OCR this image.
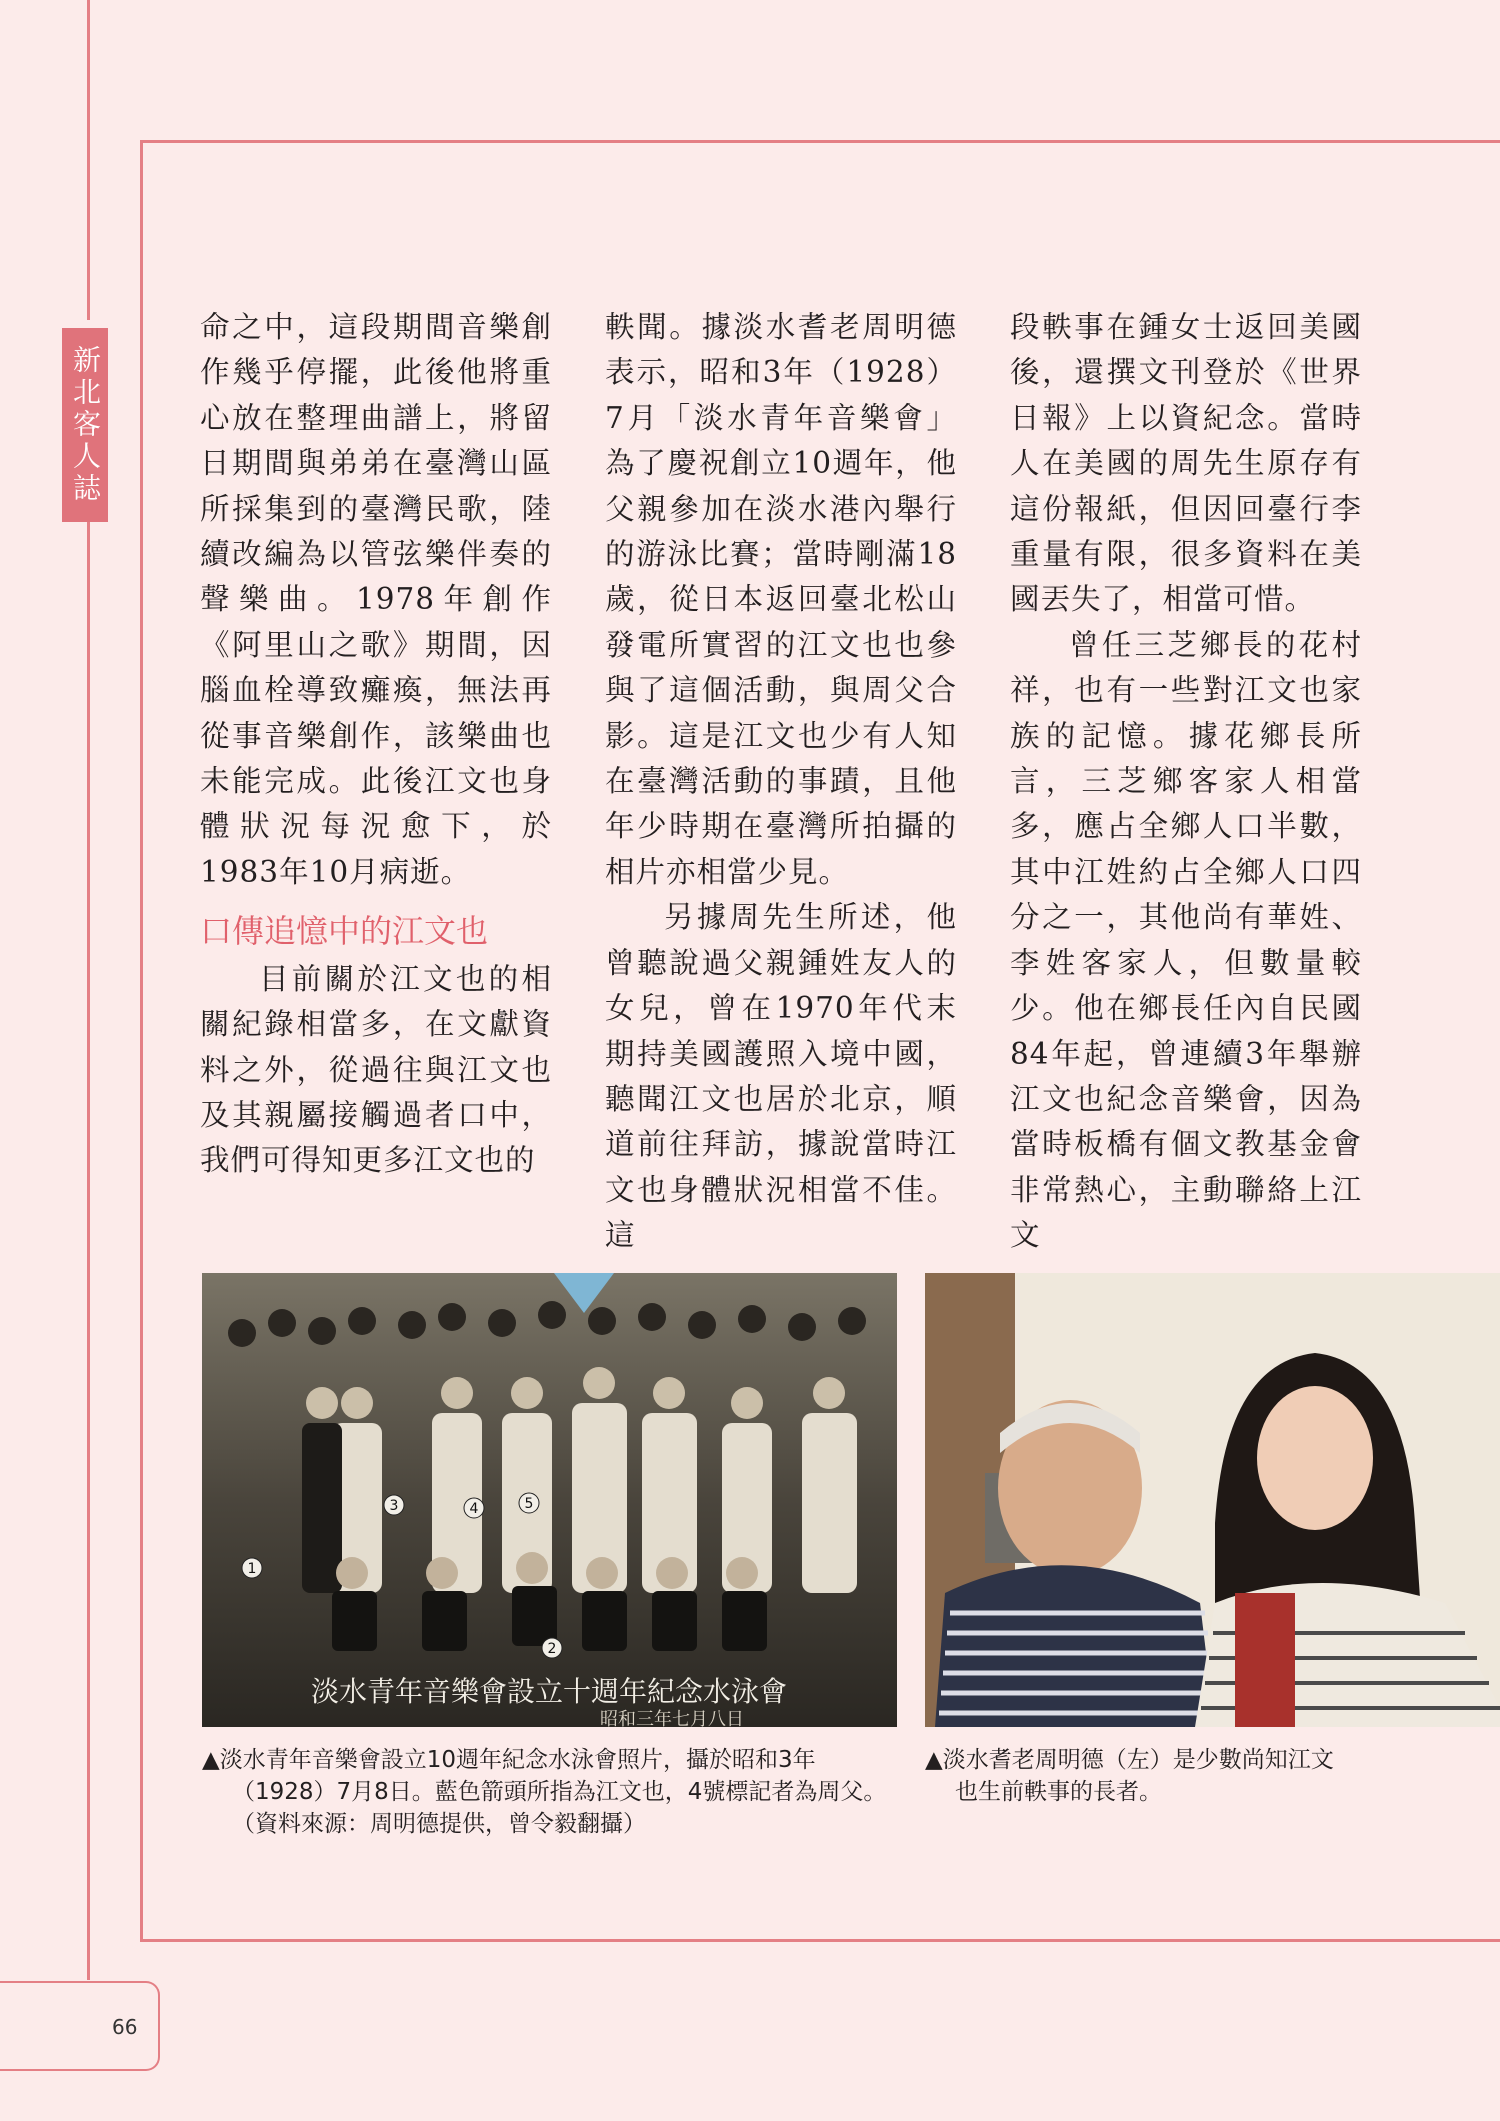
新北客人誌

命之中，這段期間音樂創作幾乎停擺，此後他將重心放在整理曲譜上，將留日期間與弟弟在臺灣山區所採集到的臺灣民歌，陸續改編為以管弦樂伴奏的聲樂曲。1978年創作《阿里山之歌》期間，因腦血栓導致癱瘓，無法再從事音樂創作，該樂曲也未能完成。此後江文也身體狀況每況愈下，於1983年10月病逝。

口傳追憶中的江文也

目前關於江文也的相關紀錄相當多，在文獻資料之外，從過往與江文也及其親屬接觸過者口中，我們可得知更多江文也的

軼聞。據淡水耆老周明德表示，昭和3年（1928）7月「淡水青年音樂會」為了慶祝創立10週年，他父親參加在淡水港內舉行的游泳比賽；當時剛滿18歲，從日本返回臺北松山發電所實習的江文也也參與了這個活動，與周父合影。這是江文也少有人知在臺灣活動的事蹟，且他年少時期在臺灣所拍攝的相片亦相當少見。

另據周先生所述，他曾聽說過父親鍾姓友人的女兒，曾在1970年代末期持美國護照入境中國，聽聞江文也居於北京，順道前往拜訪，據說當時江文也身體狀況相當不佳。這

段軼事在鍾女士返回美國後，還撰文刊登於《世界日報》上以資紀念。當時人在美國的周先生原存有這份報紙，但因回臺行李重量有限，很多資料在美國丟失了，相當可惜。

曾任三芝鄉長的花村祥，也有一些對江文也家族的記憶。據花鄉長所言，三芝鄉客家人相當多，應占全鄉人口半數，其中江姓約占全鄉人口四分之一，其他尚有華姓、李姓客家人，但數量較少。他在鄉長任內自民國84年起，曾連續3年舉辦江文也紀念音樂會，因為當時板橋有個文教基金會非常熱心，主動聯絡上江文

1
2
3	4	5
淡水青年音樂會設立十週年紀念水泳會
昭和三年七月八日
▲淡水青年音樂會設立10週年紀念水泳會照片，攝於昭和3年
（1928）7月8日。藍色箭頭所指為江文也，4號標記者為周父。
（資料來源：周明德提供，曾令毅翻攝）
▲淡水耆老周明德（左）是少數尚知江文
也生前軼事的長者。
66
